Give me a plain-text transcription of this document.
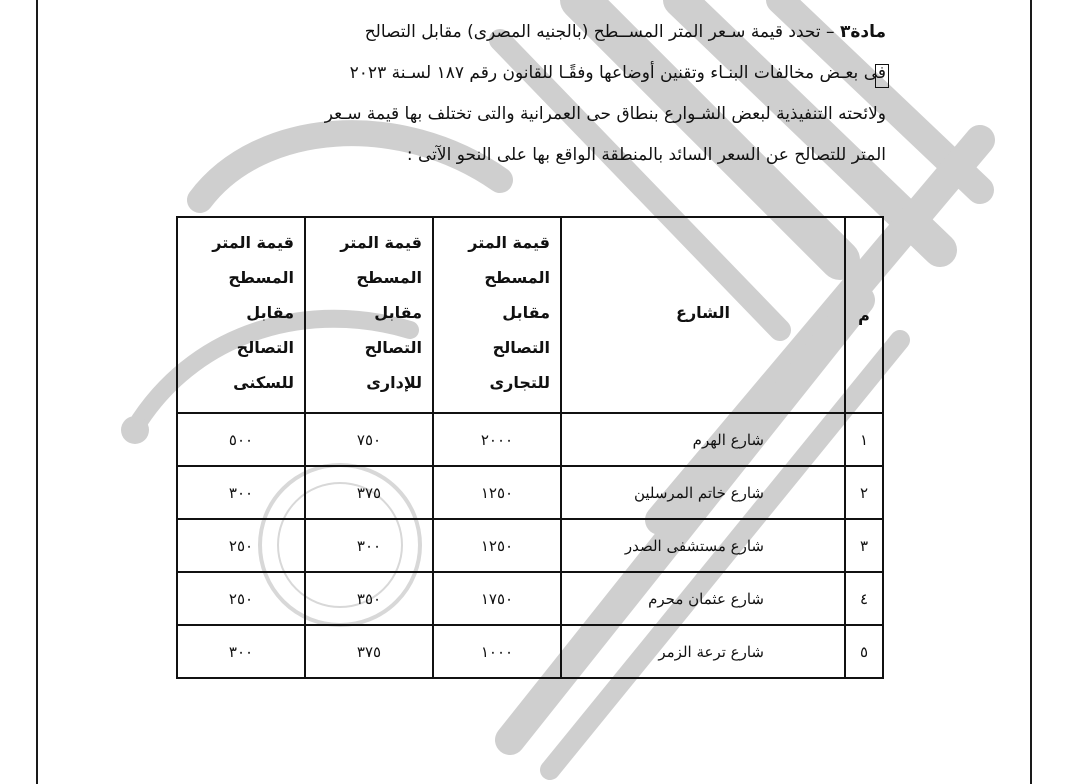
مادة٣ – تحدد قيمة سـعر المتر المســطح (بالجنيه المصرى) مقابل التصالح
فى بعـض مخالفات البنـاء وتقنين أوضاعها وفقًـا للقانون رقم ١٨٧ لسـنة ٢٠٢٣
ولائحته التنفيذية لبعض الشـوارع بنطاق حى العمرانية والتى تختلف بها قيمة سـعر
المتر للتصالح عن السعر السائد بالمنطقة الواقع بها على النحو الآتى :
م	الشارع	قيمة المتر المسطح مقابل التصالح للتجارى	قيمة المتر المسطح مقابل التصالح للإدارى	قيمة المتر المسطح مقابل التصالح للسكنى
١	شارع الهرم	٢٠٠٠	٧٥٠	٥٠٠
٢	شارع خاتم المرسلين	١٢٥٠	٣٧٥	٣٠٠
٣	شارع مستشفى الصدر	١٢٥٠	٣٠٠	٢٥٠
٤	شارع عثمان محرم	١٧٥٠	٣٥٠	٢٥٠
٥	شارع ترعة الزمر	١٠٠٠	٣٧٥	٣٠٠
